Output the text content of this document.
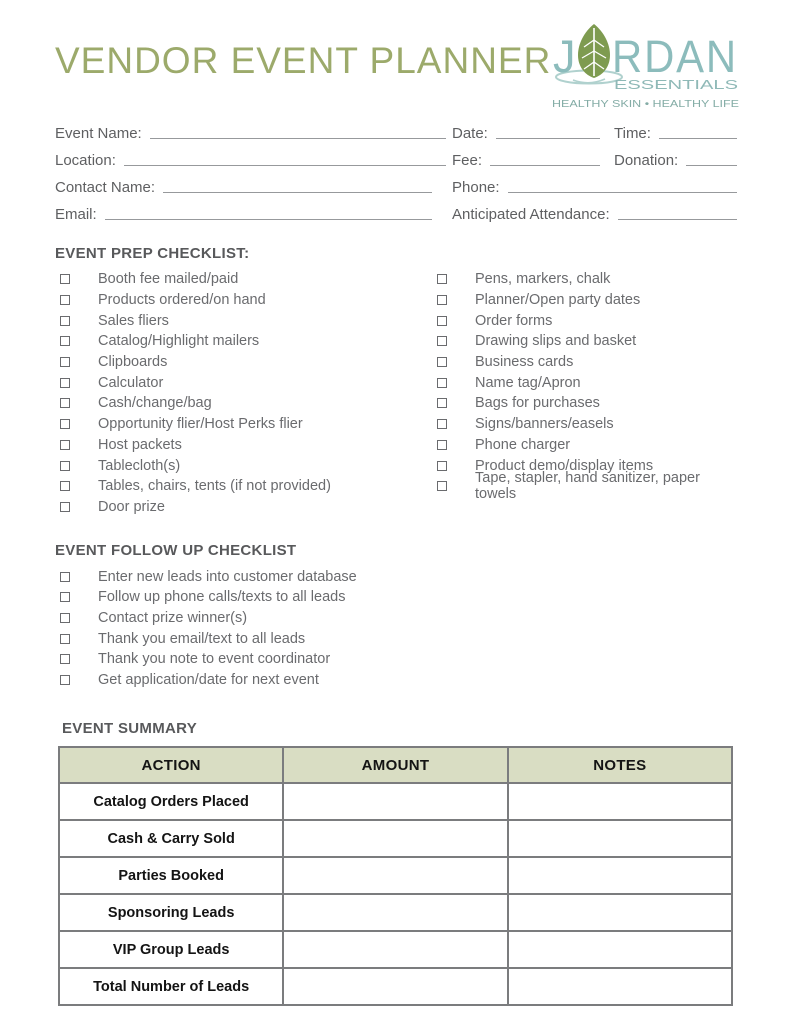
VENDOR EVENT PLANNER J RDAN
ESSENTIALS
HEALTHY SKIN • HEALTHY LIFE
Event Name:	Date:	Time:
Location:	Fee:	Donation:
Contact Name:	Phone:
Email:	Anticipated Attendance:
EVENT PREP CHECKLIST:
Booth fee mailed/paid
Products ordered/on hand
Sales fliers
Catalog/Highlight mailers
Clipboards
Calculator
Cash/change/bag
Opportunity flier/Host Perks flier
Host packets
Tablecloth(s)
Tables, chairs, tents (if not provided)
Door prize
Pens, markers, chalk
Planner/Open party dates
Order forms
Drawing slips and basket
Business cards
Name tag/Apron
Bags for purchases
Signs/banners/easels
Phone charger
Product demo/display items
Tape, stapler, hand sanitizer, paper towels
EVENT FOLLOW UP CHECKLIST
Enter new leads into customer database
Follow up phone calls/texts to all leads
Contact prize winner(s)
Thank you email/text to all leads
Thank you note to event coordinator
Get application/date for next event
EVENT SUMMARY
ACTION	AMOUNT	NOTES
Catalog Orders Placed		
Cash & Carry Sold		
Parties Booked		
Sponsoring Leads		
VIP Group Leads		
Total Number of Leads		
